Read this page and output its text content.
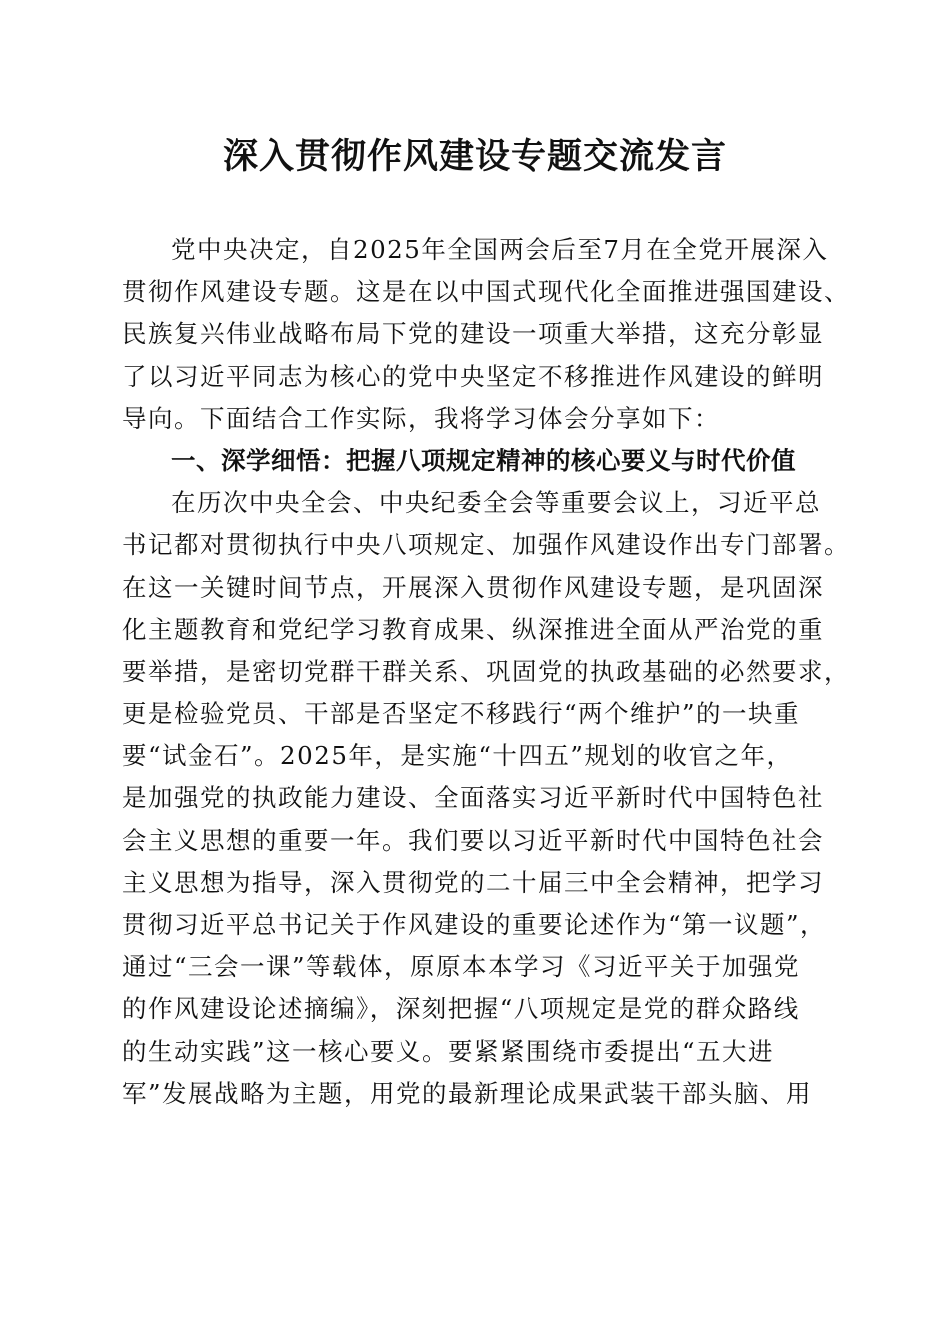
深入贯彻作风建设专题交流发言
党中央决定，自2025年全国两会后至7月在全党开展深入
贯彻作风建设专题。这是在以中国式现代化全面推进强国建设、
民族复兴伟业战略布局下党的建设一项重大举措，这充分彰显
了以习近平同志为核心的党中央坚定不移推进作风建设的鲜明
导向。下面结合工作实际，我将学习体会分享如下：
一、深学细悟：把握八项规定精神的核心要义与时代价值
在历次中央全会、中央纪委全会等重要会议上，习近平总
书记都对贯彻执行中央八项规定、加强作风建设作出专门部署。
在这一关键时间节点，开展深入贯彻作风建设专题，是巩固深
化主题教育和党纪学习教育成果、纵深推进全面从严治党的重
要举措，是密切党群干群关系、巩固党的执政基础的必然要求，
更是检验党员、干部是否坚定不移践行“两个维护”的一块重
要“试金石”。2025年，是实施“十四五”规划的收官之年，
是加强党的执政能力建设、全面落实习近平新时代中国特色社
会主义思想的重要一年。我们要以习近平新时代中国特色社会
主义思想为指导，深入贯彻党的二十届三中全会精神，把学习
贯彻习近平总书记关于作风建设的重要论述作为“第一议题”，
通过“三会一课”等载体，原原本本学习《习近平关于加强党
的作风建设论述摘编》，深刻把握“八项规定是党的群众路线
的生动实践”这一核心要义。要紧紧围绕市委提出“五大进
军”发展战略为主题，用党的最新理论成果武装干部头脑、用
